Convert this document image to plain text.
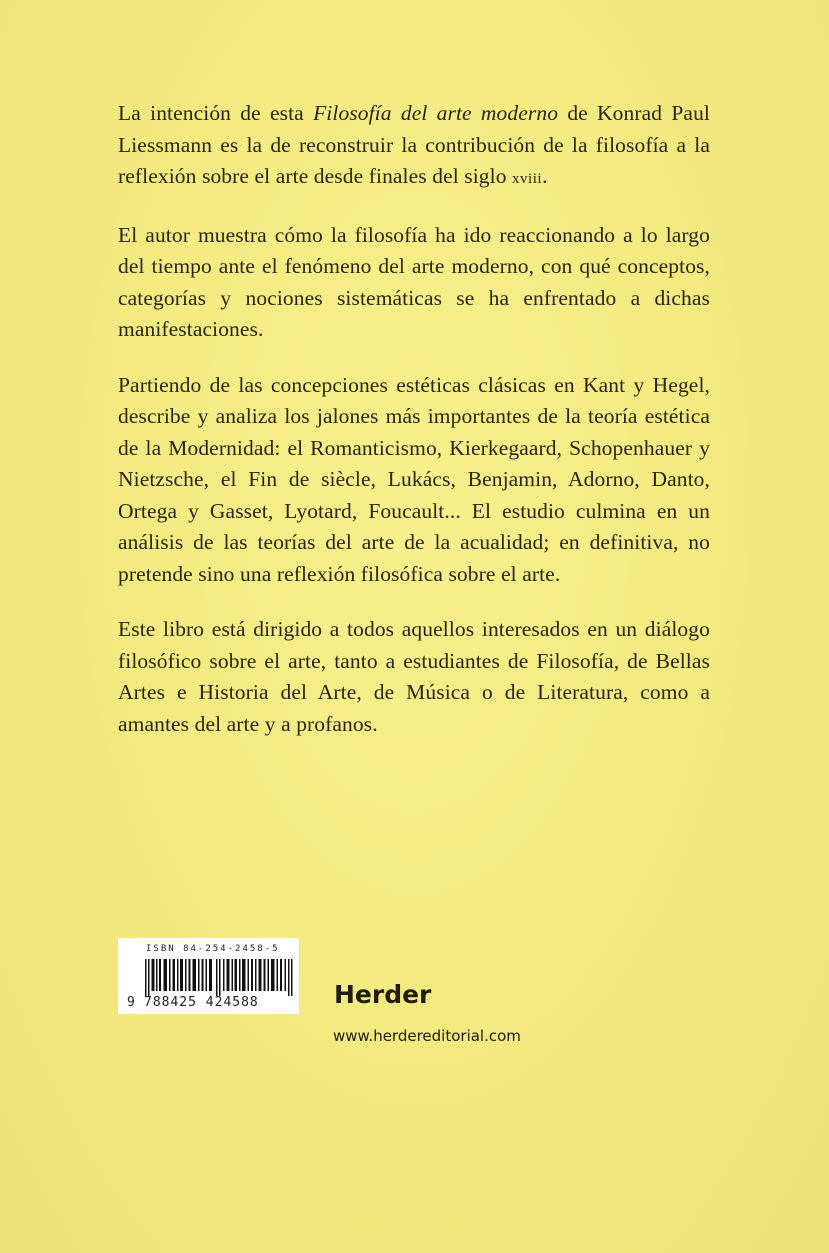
La intención de esta Filosofía del arte moderno de Konrad Paul Liessmann es la de reconstruir la contribución de la filosofía a la reflexión sobre el arte desde finales del siglo xviii.

El autor muestra cómo la filosofía ha ido reaccionando a lo largo del tiempo ante el fenómeno del arte moderno, con qué conceptos, categorías y nociones sistemáticas se ha enfrentado a dichas manifestaciones.

Partiendo de las concepciones estéticas clásicas en Kant y Hegel, describe y analiza los jalones más importantes de la teoría estética de la Modernidad: el Romanticismo, Kierkegaard, Schopenhauer y Nietzsche, el Fin de siècle, Lukács, Benjamin, Adorno, Danto, Ortega y Gasset, Lyotard, Foucault... El estudio culmina en un análisis de las teorías del arte de la acualidad; en definitiva, no pretende sino una reflexión filosófica sobre el arte.

Este libro está dirigido a todos aquellos interesados en un diálogo filosófico sobre el arte, tanto a estudiantes de Filosofía, de Bellas Artes e Historia del Arte, de Música o de Literatura, como a amantes del arte y a profanos.

ISBN 84-254-2458-5
9 788425 424588	Herder
www.herdereditorial.com
